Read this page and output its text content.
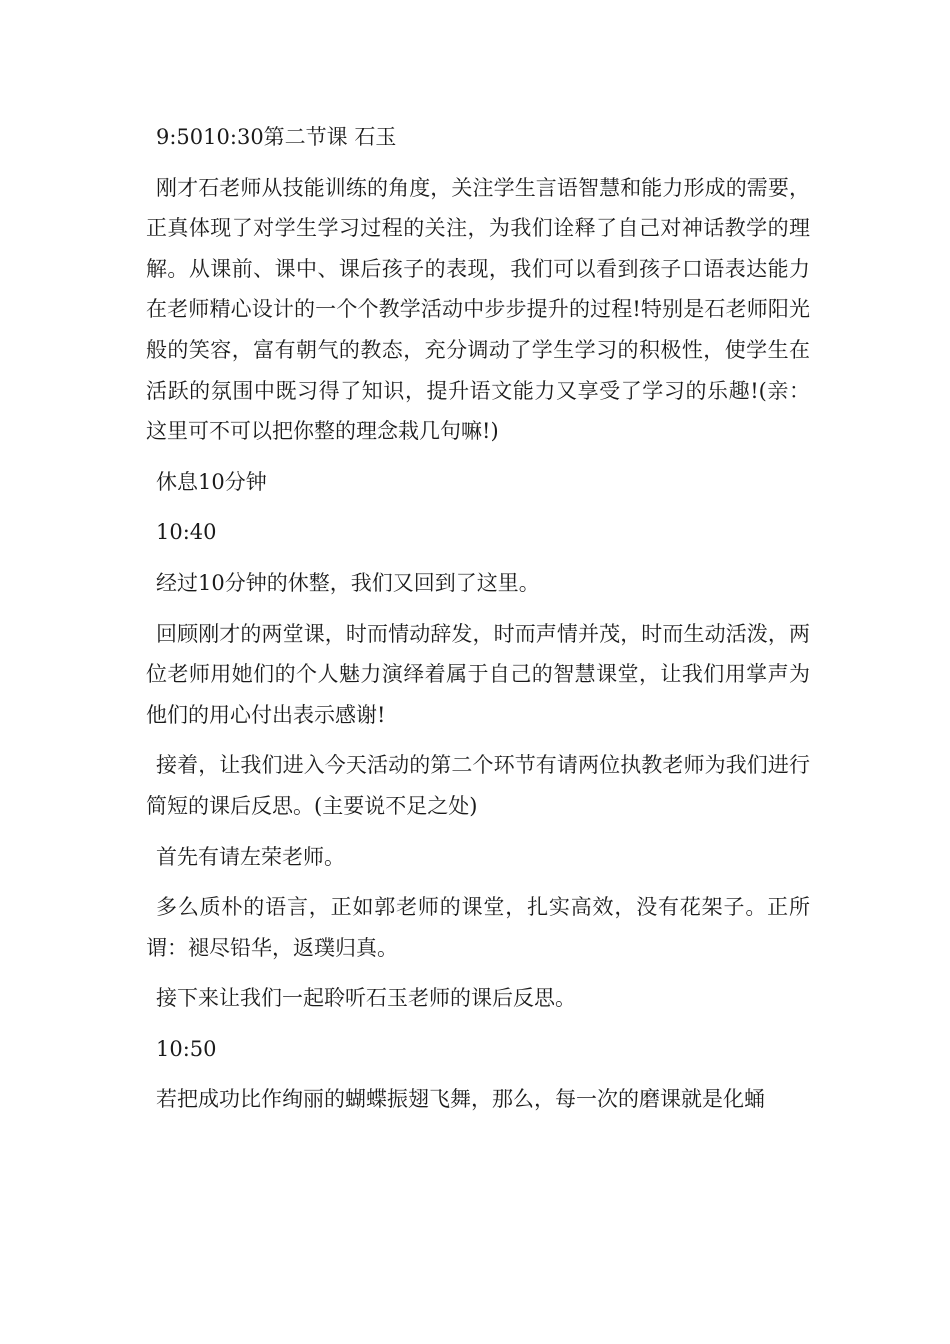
9:5010:30第二节课 石玉

刚才石老师从技能训练的角度，关注学生言语智慧和能力形成的需要，正真体现了对学生学习过程的关注，为我们诠释了自己对神话教学的理解。从课前、课中、课后孩子的表现，我们可以看到孩子口语表达能力在老师精心设计的一个个教学活动中步步提升的过程!特别是石老师阳光般的笑容，富有朝气的教态，充分调动了学生学习的积极性，使学生在活跃的氛围中既习得了知识，提升语文能力又享受了学习的乐趣!(亲：这里可不可以把你整的理念栽几句嘛!)

休息10分钟

10:40

经过10分钟的休整，我们又回到了这里。

回顾刚才的两堂课，时而情动辞发，时而声情并茂，时而生动活泼，两位老师用她们的个人魅力演绎着属于自己的智慧课堂，让我们用掌声为他们的用心付出表示感谢!

接着，让我们进入今天活动的第二个环节有请两位执教老师为我们进行简短的课后反思。(主要说不足之处)

首先有请左荣老师。

多么质朴的语言，正如郭老师的课堂，扎实高效，没有花架子。正所谓：褪尽铅华，返璞归真。

接下来让我们一起聆听石玉老师的课后反思。

10:50

若把成功比作绚丽的蝴蝶振翅飞舞，那么，每一次的磨课就是化蛹
